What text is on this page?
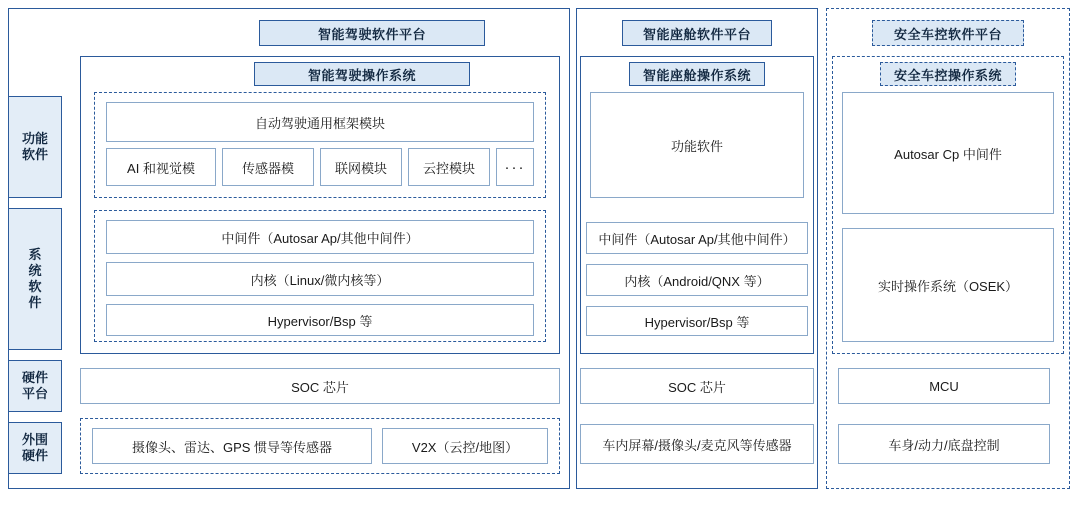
功能
软件
系
统
软
件
硬件
平台
外围
硬件
智能驾驶软件平台
智能驾驶操作系统
自动驾驶通用框架模块
AI 和视觉模	传感器模	联网模块	云控模块	···
中间件（Autosar Ap/其他中间件）
内核（Linux/微内核等）
Hypervisor/Bsp 等
SOC 芯片
摄像头、雷达、GPS 惯导等传感器	V2X（云控/地图）
智能座舱软件平台
智能座舱操作系统
功能软件
中间件（Autosar Ap/其他中间件）
内核（Android/QNX 等）
Hypervisor/Bsp 等
SOC 芯片
车内屏幕/摄像头/麦克风等传感器
安全车控软件平台
安全车控操作系统
Autosar Cp 中间件
实时操作系统（OSEK）
MCU
车身/动力/底盘控制
